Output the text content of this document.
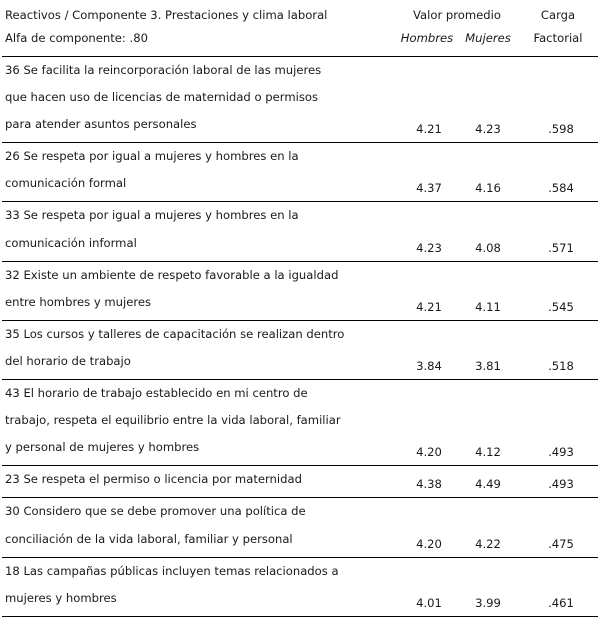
Reactivos / Componente 3. Prestaciones y clima laboral	Valor promedio		Carga
Alfa de componente: .80	Hombres	Mujeres	Factorial

36 Se facilita la reincorporación laboral de las mujeres
que hacen uso de licencias de maternidad o permisos
para atender asuntos personales	4.21	4.23	.598

26 Se respeta por igual a mujeres y hombres en la
comunicación formal	4.37	4.16	.584

33 Se respeta por igual a mujeres y hombres en la
comunicación informal	4.23	4.08	.571

32 Existe un ambiente de respeto favorable a la igualdad
entre hombres y mujeres	4.21	4.11	.545

35 Los cursos y talleres de capacitación se realizan dentro
del horario de trabajo	3.84	3.81	.518

43 El horario de trabajo establecido en mi centro de
trabajo, respeta el equilibrio entre la vida laboral, familiar
y personal de mujeres y hombres	4.20	4.12	.493

23 Se respeta el permiso o licencia por maternidad	4.38	4.49	.493

30 Considero que se debe promover una política de
conciliación de la vida laboral, familiar y personal	4.20	4.22	.475

18 Las campañas públicas incluyen temas relacionados a
mujeres y hombres	4.01	3.99	.461
